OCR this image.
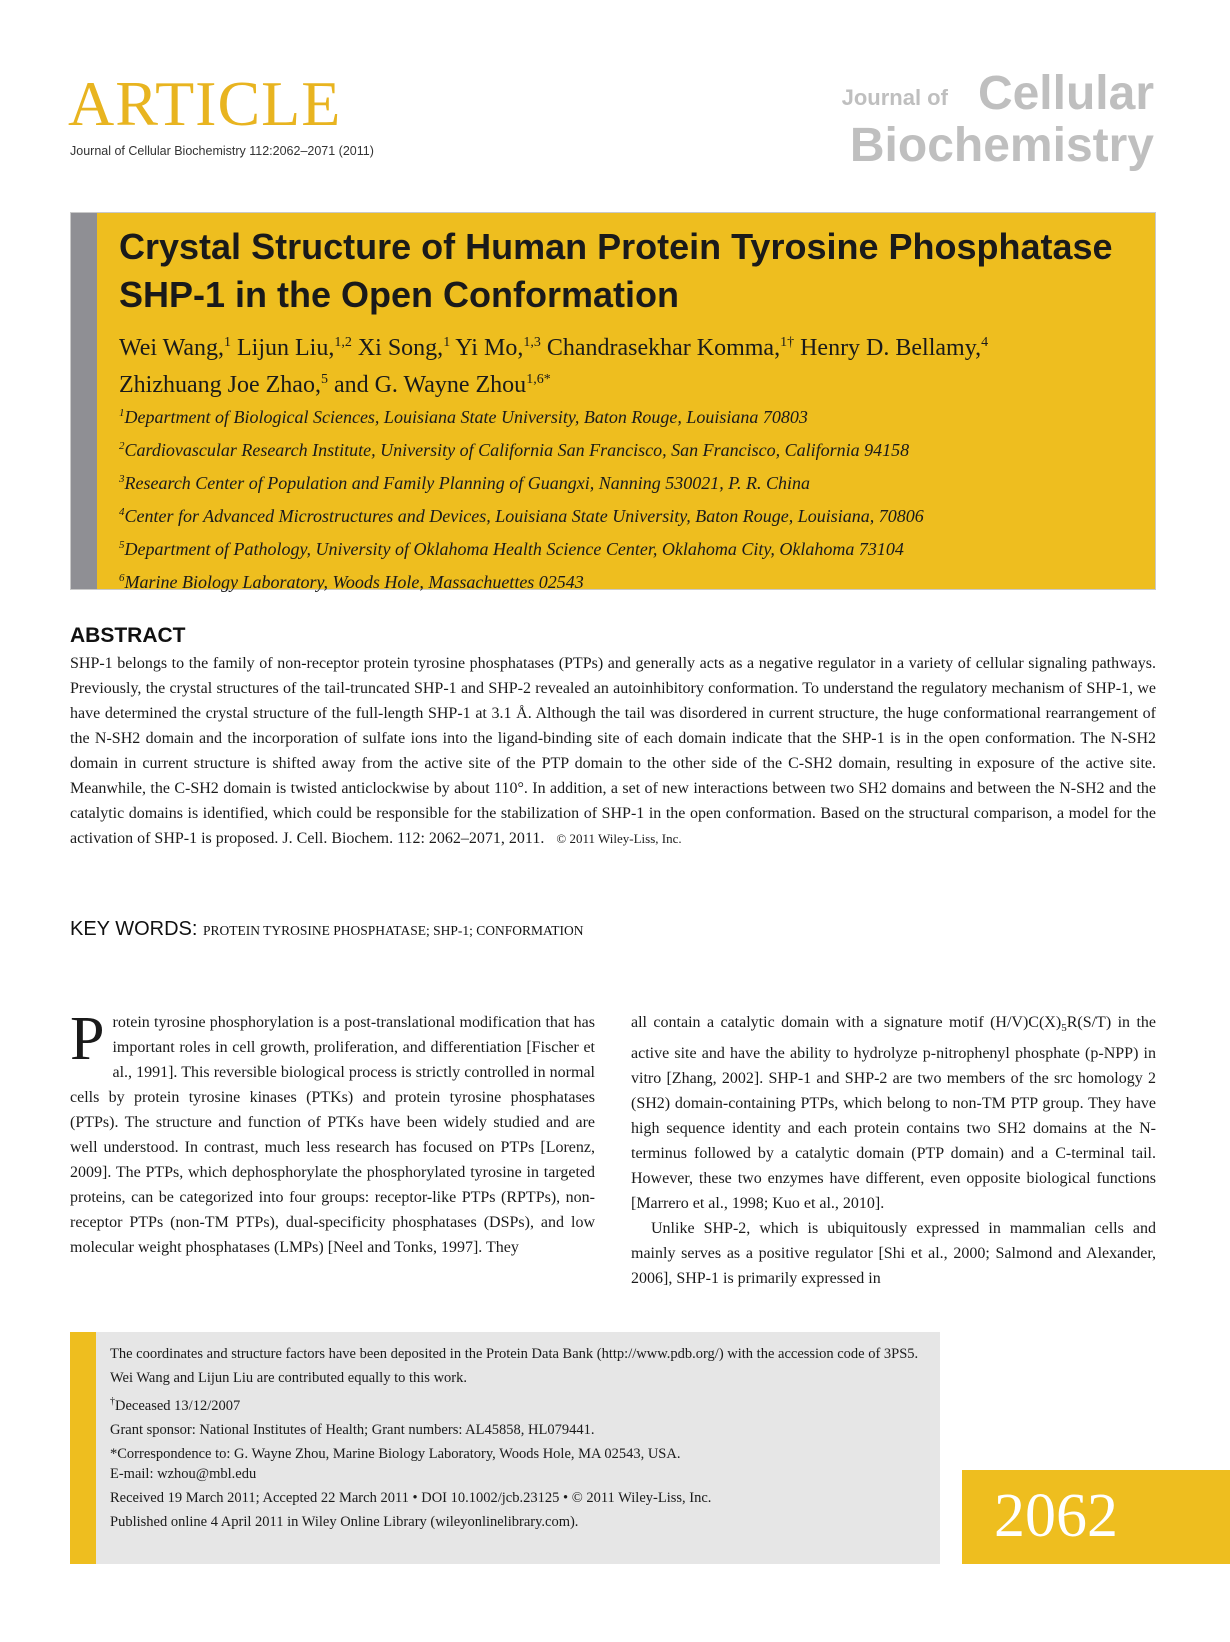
ARTICLE
Journal of Cellular Biochemistry 112:2062–2071 (2011)
Journal of Cellular
Biochemistry
Crystal Structure of Human Protein Tyrosine Phosphatase
SHP-1 in the Open Conformation
Wei Wang,$^1$ Lijun Liu,$^{1,2}$ Xi Song,$^1$ Yi Mo,$^{1,3}$ Chandrasekhar Komma,$^{1\dagger}$ Henry D. Bellamy,$^4$
Zhizhuang Joe Zhao,$^5$ and G. Wayne Zhou$^{1,6*}$
$^1$Department of Biological Sciences, Louisiana State University, Baton Rouge, Louisiana 70803
$^2$Cardiovascular Research Institute, University of California San Francisco, San Francisco, California 94158
$^3$Research Center of Population and Family Planning of Guangxi, Nanning 530021, P. R. China
$^4$Center for Advanced Microstructures and Devices, Louisiana State University, Baton Rouge, Louisiana, 70806
$^5$Department of Pathology, University of Oklahoma Health Science Center, Oklahoma City, Oklahoma 73104
$^6$Marine Biology Laboratory, Woods Hole, Massachuettes 02543
ABSTRACT
SHP-1 belongs to the family of non-receptor protein tyrosine phosphatases (PTPs) and generally acts as a negative regulator in a variety of cellular signaling pathways. Previously, the crystal structures of the tail-truncated SHP-1 and SHP-2 revealed an autoinhibitory conformation. To understand the regulatory mechanism of SHP-1, we have determined the crystal structure of the full-length SHP-1 at 3.1 Å. Although the tail was disordered in current structure, the huge conformational rearrangement of the N-SH2 domain and the incorporation of sulfate ions into the ligand-binding site of each domain indicate that the SHP-1 is in the open conformation. The N-SH2 domain in current structure is shifted away from the active site of the PTP domain to the other side of the C-SH2 domain, resulting in exposure of the active site. Meanwhile, the C-SH2 domain is twisted anticlockwise by about 110°. In addition, a set of new interactions between two SH2 domains and between the N-SH2 and the catalytic domains is identified, which could be responsible for the stabilization of SHP-1 in the open conformation. Based on the structural comparison, a model for the activation of SHP-1 is proposed. J. Cell. Biochem. 112: 2062–2071, 2011. © 2011 Wiley-Liss, Inc.
KEY WORDS: PROTEIN TYROSINE PHOSPHATASE; SHP-1; CONFORMATION
Protein tyrosine phosphorylation is a post-translational modification that has important roles in cell growth, proliferation, and differentiation [Fischer et al., 1991]. This reversible biological process is strictly controlled in normal cells by protein tyrosine kinases (PTKs) and protein tyrosine phosphatases (PTPs). The structure and function of PTKs have been widely studied and are well understood. In contrast, much less research has focused on PTPs [Lorenz, 2009]. The PTPs, which dephosphorylate the phosphorylated tyrosine in targeted proteins, can be categorized into four groups: receptor-like PTPs (RPTPs), non-receptor PTPs (non-TM PTPs), dual-specificity phosphatases (DSPs), and low molecular weight phosphatases (LMPs) [Neel and Tonks, 1997]. They
all contain a catalytic domain with a signature motif $(H/V)C(X)_5R(S/T)$ in the active site and have the ability to hydrolyze p-nitrophenyl phosphate (p-NPP) in vitro [Zhang, 2002]. SHP-1 and SHP-2 are two members of the src homology 2 (SH2) domain-containing PTPs, which belong to non-TM PTP group. They have high sequence identity and each protein contains two SH2 domains at the N-terminus followed by a catalytic domain (PTP domain) and a C-terminal tail. However, these two enzymes have different, even opposite biological functions [Marrero et al., 1998; Kuo et al., 2010].
Unlike SHP-2, which is ubiquitously expressed in mammalian cells and mainly serves as a positive regulator [Shi et al., 2000; Salmond and Alexander, 2006], SHP-1 is primarily expressed in

The coordinates and structure factors have been deposited in the Protein Data Bank (http://www.pdb.org/) with the accession code of 3PS5.

Wei Wang and Lijun Liu are contributed equally to this work.

†Deceased 13/12/2007

Grant sponsor: National Institutes of Health; Grant numbers: AL45858, HL079441.

*Correspondence to: G. Wayne Zhou, Marine Biology Laboratory, Woods Hole, MA 02543, USA.

E-mail: wzhou@mbl.edu

Received 19 March 2011; Accepted 22 March 2011 • DOI 10.1002/jcb.23125 • © 2011 Wiley-Liss, Inc.

Published online 4 April 2011 in Wiley Online Library (wileyonlinelibrary.com).	2062
